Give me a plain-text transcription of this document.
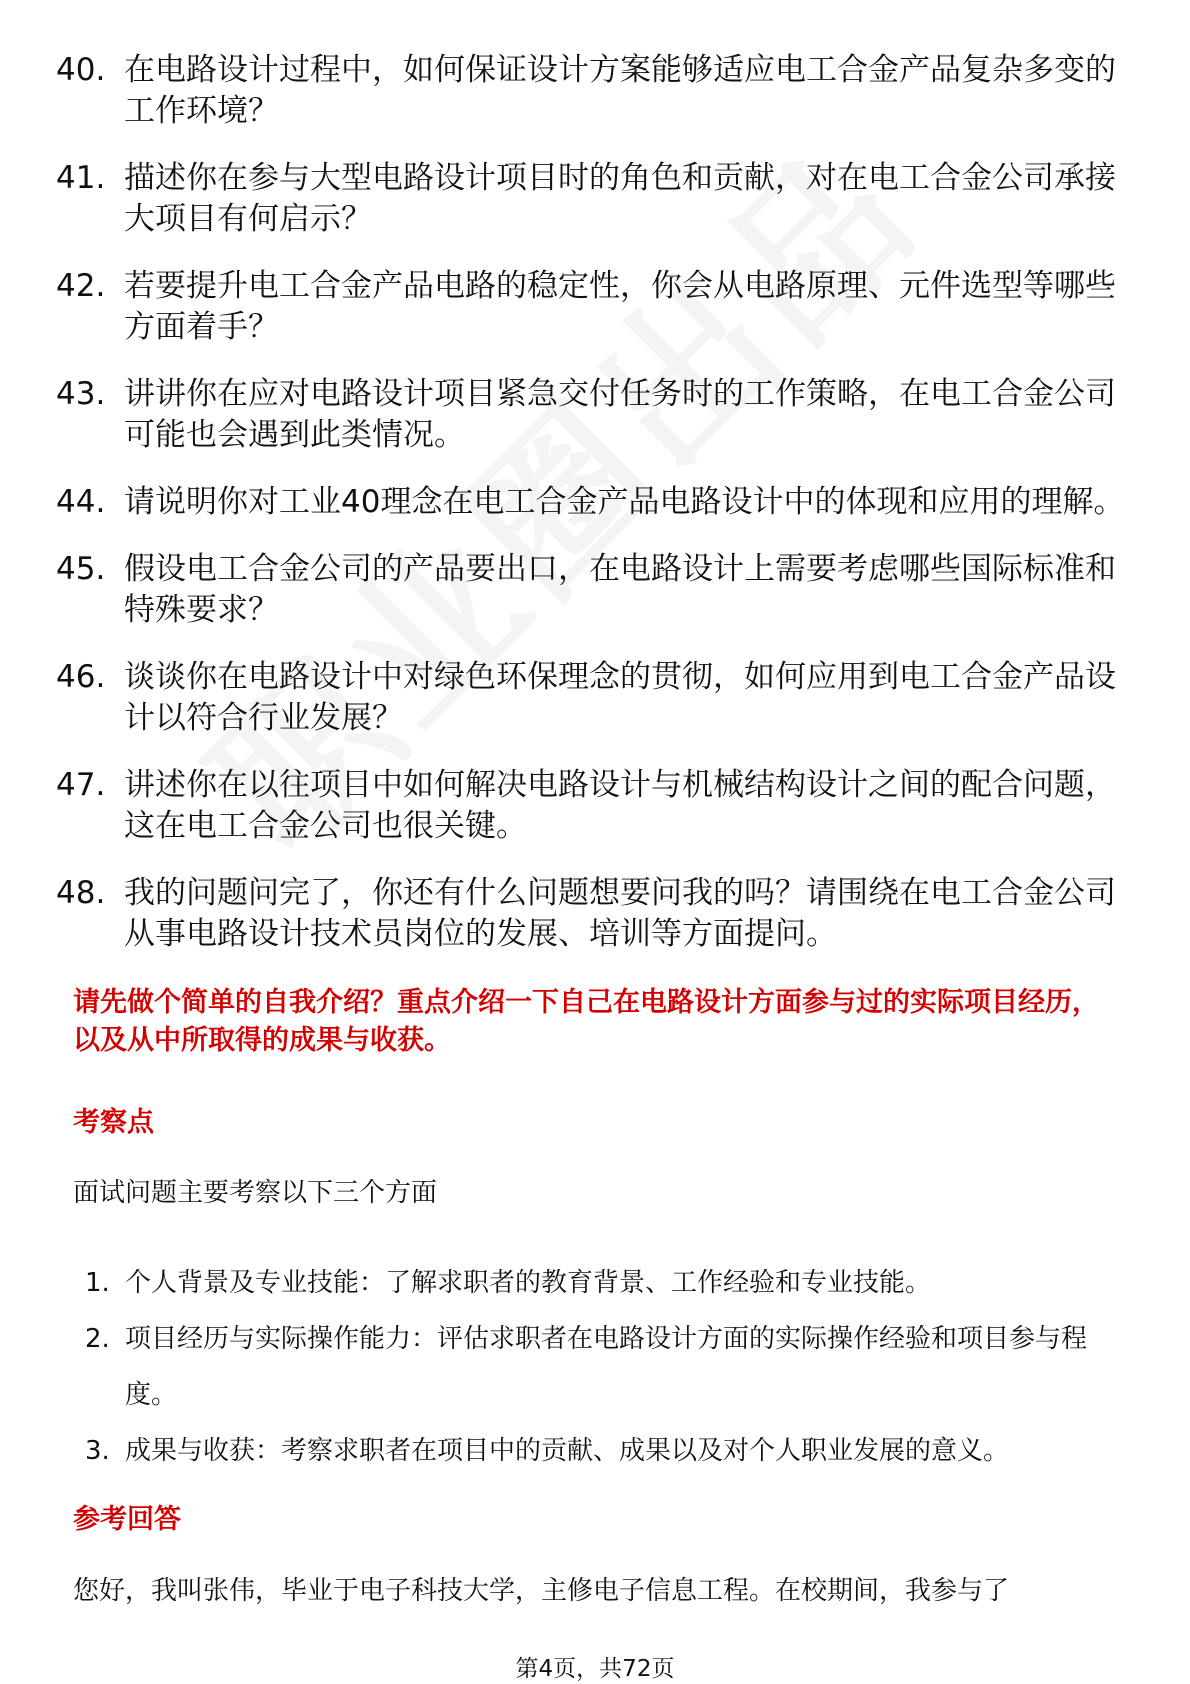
40. 在电路设计过程中，如何保证设计方案能够适应电工合金产品复杂多变的工作环境？
41. 描述你在参与大型电路设计项目时的角色和贡献，对在电工合金公司承接大项目有何启示？
42. 若要提升电工合金产品电路的稳定性，你会从电路原理、元件选型等哪些方面着手？
43. 讲讲你在应对电路设计项目紧急交付任务时的工作策略，在电工合金公司可能也会遇到此类情况。
44. 请说明你对工业40理念在电工合金产品电路设计中的体现和应用的理解。
45. 假设电工合金公司的产品要出口，在电路设计上需要考虑哪些国际标准和特殊要求？
46. 谈谈你在电路设计中对绿色环保理念的贯彻，如何应用到电工合金产品设计以符合行业发展？
47. 讲述你在以往项目中如何解决电路设计与机械结构设计之间的配合问题，这在电工合金公司也很关键。
48. 我的问题问完了，你还有什么问题想要问我的吗？请围绕在电工合金公司从事电路设计技术员岗位的发展、培训等方面提问。
请先做个简单的自我介绍？重点介绍一下自己在电路设计方面参与过的实际项目经历，以及从中所取得的成果与收获。
考察点
面试问题主要考察以下三个方面
1. 个人背景及专业技能：了解求职者的教育背景、工作经验和专业技能。
2. 项目经历与实际操作能力：评估求职者在电路设计方面的实际操作经验和项目参与程度。
3. 成果与收获：考察求职者在项目中的贡献、成果以及对个人职业发展的意义。
参考回答
您好，我叫张伟，毕业于电子科技大学，主修电子信息工程。在校期间，我参与了
第4页，共72页
